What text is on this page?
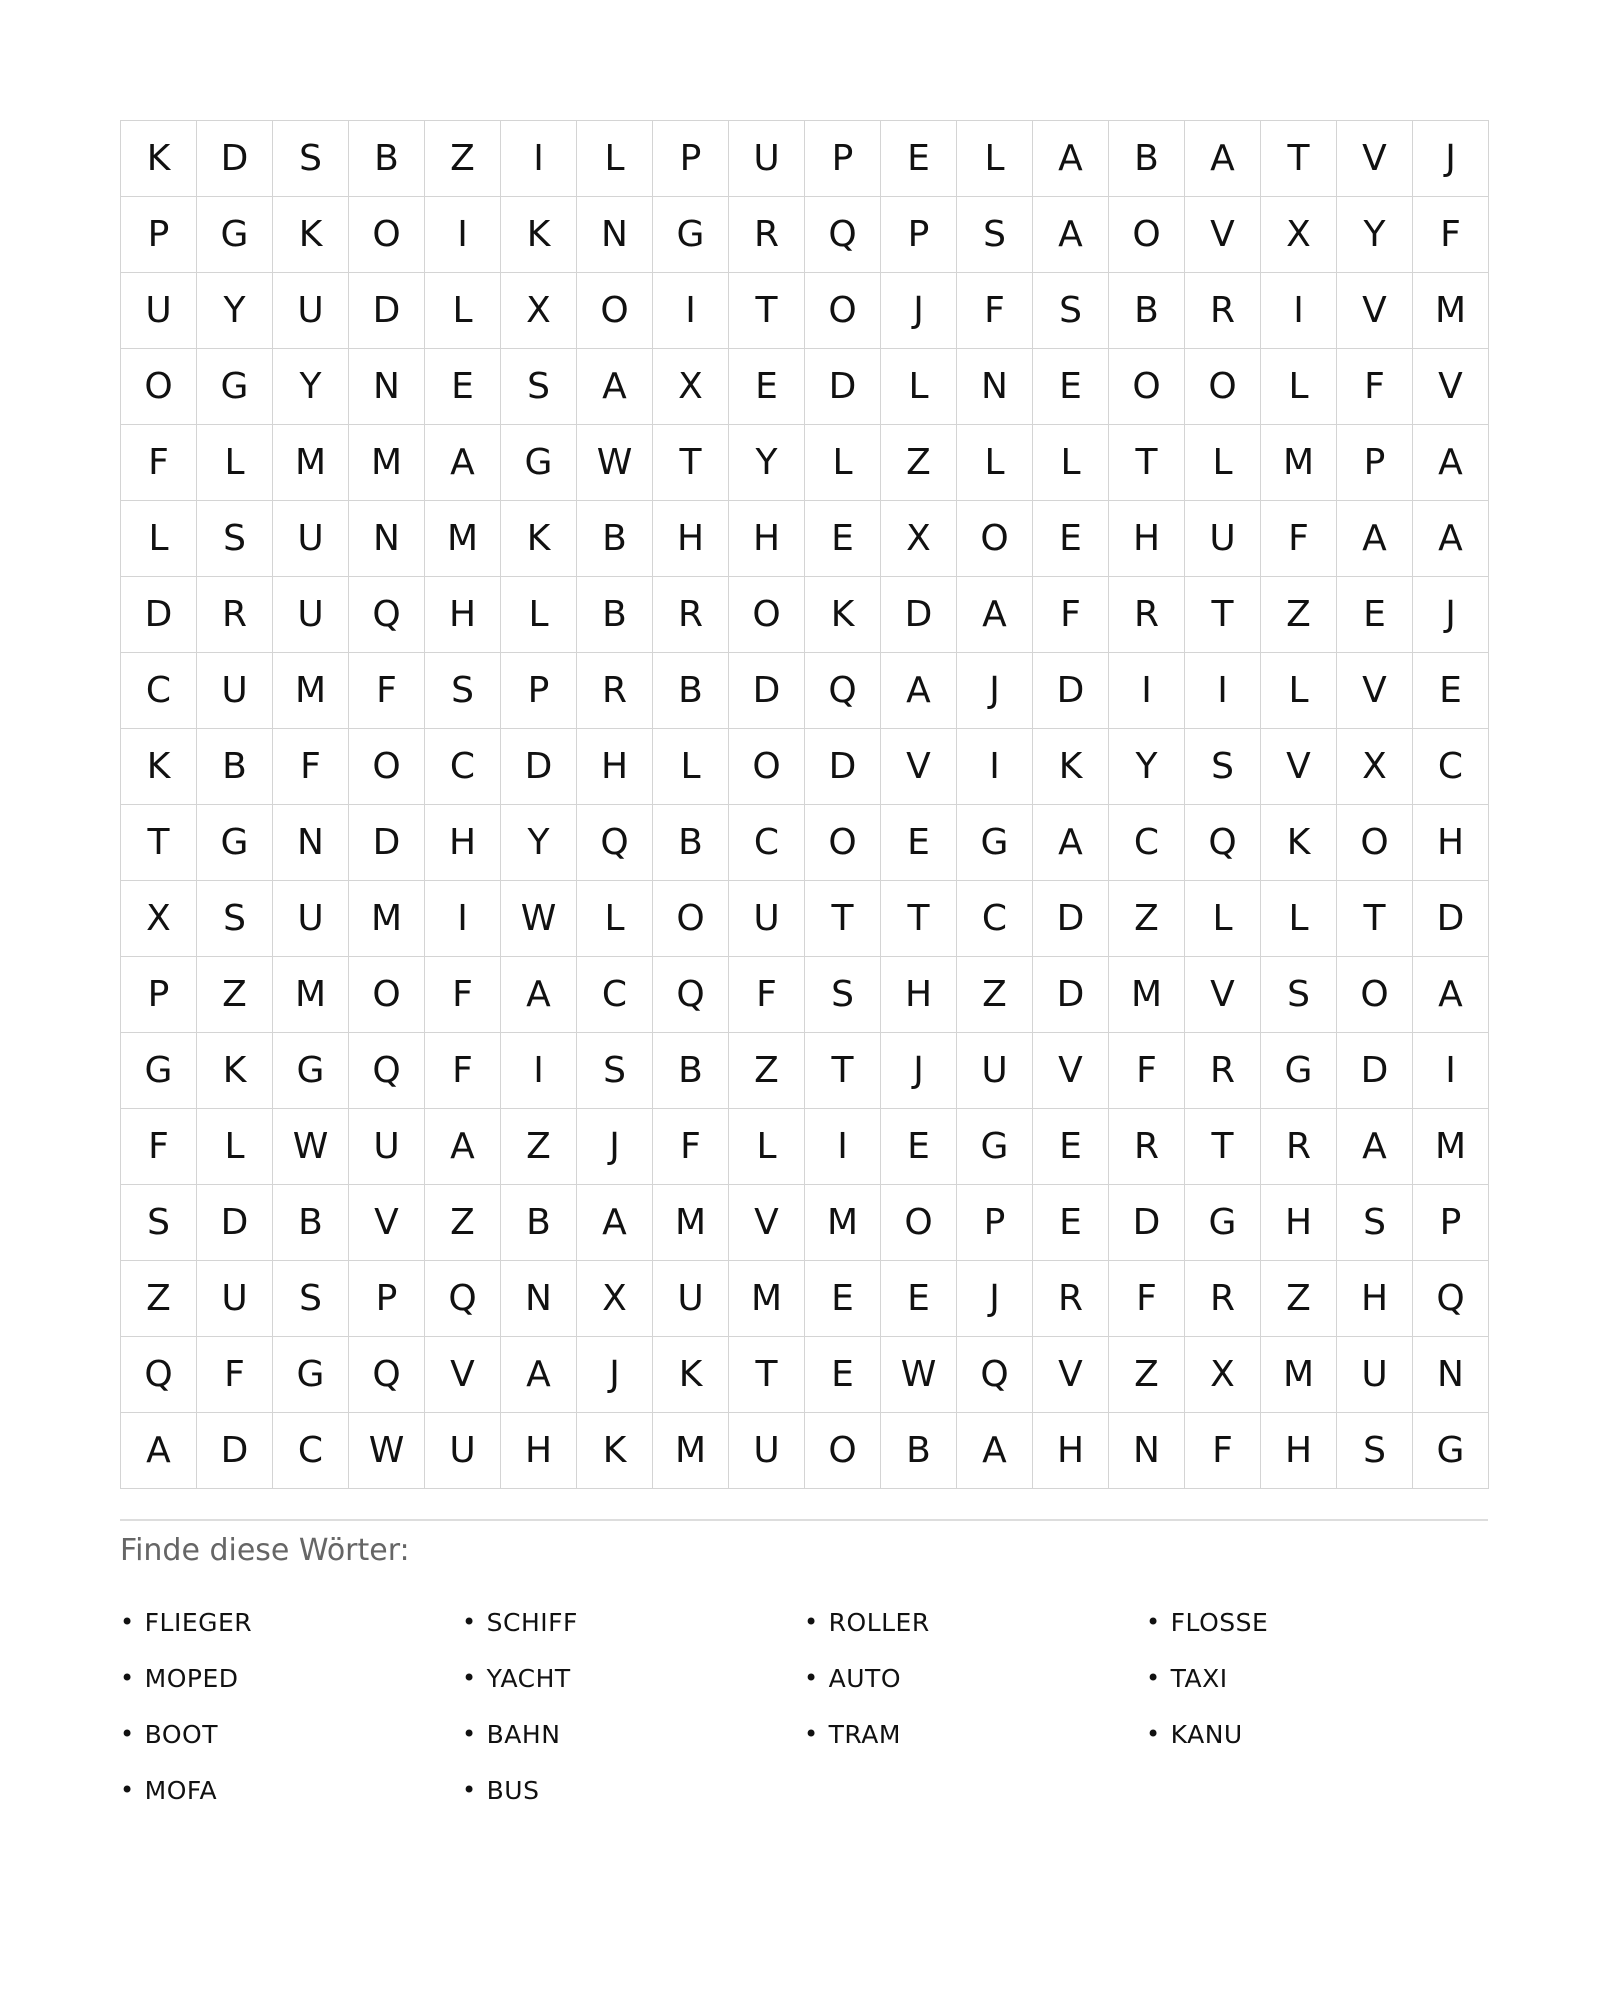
K	D	S	B	Z	I	L	P	U	P	E	L	A	B	A	T	V	J
P	G	K	O	I	K	N	G	R	Q	P	S	A	O	V	X	Y	F
U	Y	U	D	L	X	O	I	T	O	J	F	S	B	R	I	V	M
O	G	Y	N	E	S	A	X	E	D	L	N	E	O	O	L	F	V
F	L	M	M	A	G	W	T	Y	L	Z	L	L	T	L	M	P	A
L	S	U	N	M	K	B	H	H	E	X	O	E	H	U	F	A	A
D	R	U	Q	H	L	B	R	O	K	D	A	F	R	T	Z	E	J
C	U	M	F	S	P	R	B	D	Q	A	J	D	I	I	L	V	E
K	B	F	O	C	D	H	L	O	D	V	I	K	Y	S	V	X	C
T	G	N	D	H	Y	Q	B	C	O	E	G	A	C	Q	K	O	H
X	S	U	M	I	W	L	O	U	T	T	C	D	Z	L	L	T	D
P	Z	M	O	F	A	C	Q	F	S	H	Z	D	M	V	S	O	A
G	K	G	Q	F	I	S	B	Z	T	J	U	V	F	R	G	D	I
F	L	W	U	A	Z	J	F	L	I	E	G	E	R	T	R	A	M
S	D	B	V	Z	B	A	M	V	M	O	P	E	D	G	H	S	P
Z	U	S	P	Q	N	X	U	M	E	E	J	R	F	R	Z	H	Q
Q	F	G	Q	V	A	J	K	T	E	W	Q	V	Z	X	M	U	N
A	D	C	W	U	H	K	M	U	O	B	A	H	N	F	H	S	G
Finde diese Wörter:
• FLIEGER	• SCHIFF	• ROLLER	• FLOSSE
• MOPED	• YACHT	• AUTO	• TAXI
• BOOT	• BAHN	• TRAM	• KANU
• MOFA	• BUS
